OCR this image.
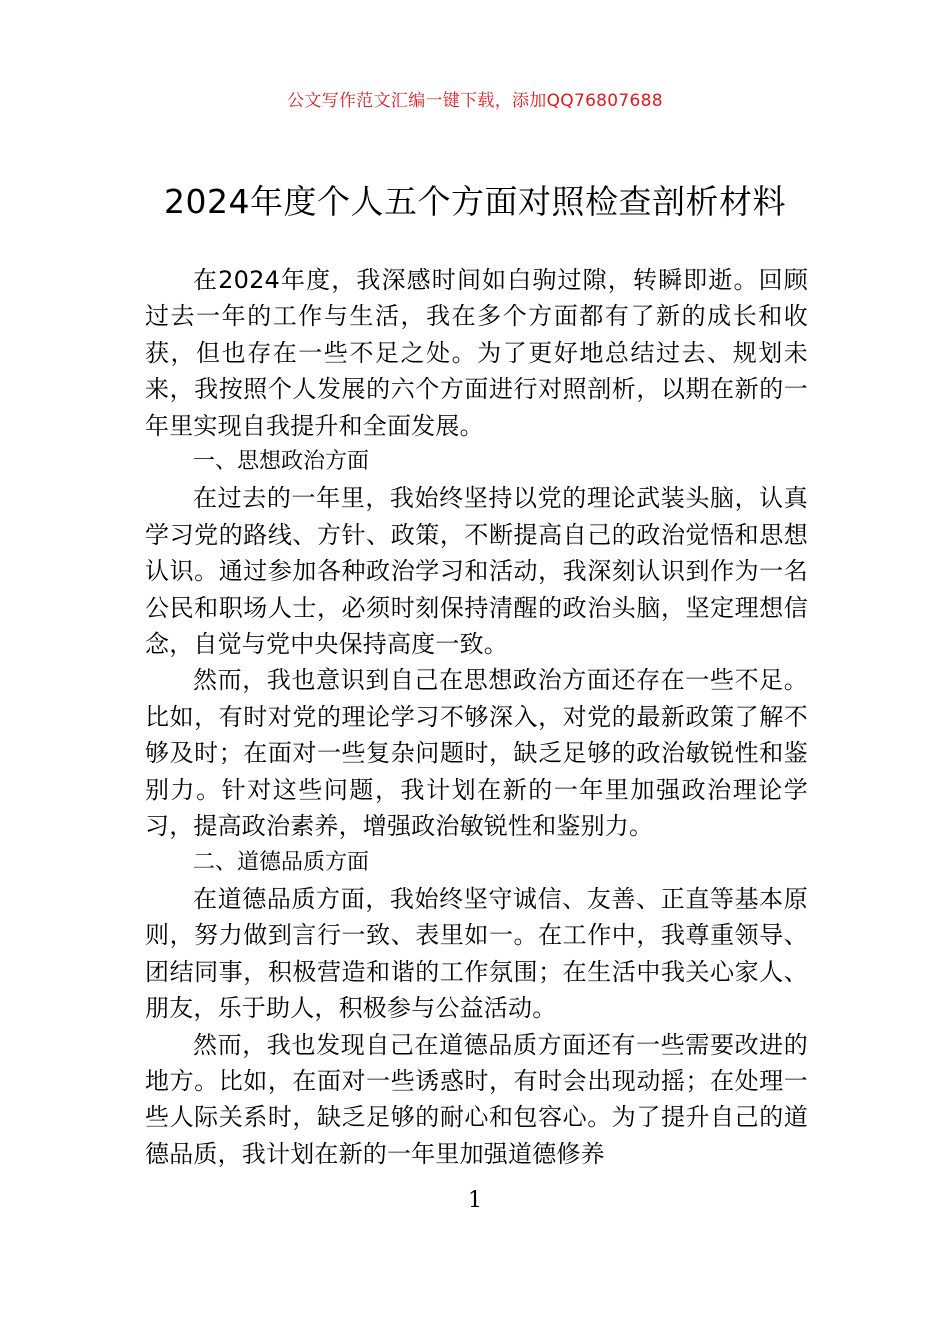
公文写作范文汇编一键下载，添加QQ76807688
2024年度个人五个方面对照检查剖析材料

在2024年度，我深感时间如白驹过隙，转瞬即逝。回顾过去一年的工作与生活，我在多个方面都有了新的成长和收获，但也存在一些不足之处。为了更好地总结过去、规划未来，我按照个人发展的六个方面进行对照剖析，以期在新的一年里实现自我提升和全面发展。

一、思想政治方面

在过去的一年里，我始终坚持以党的理论武装头脑，认真学习党的路线、方针、政策，不断提高自己的政治觉悟和思想认识。通过参加各种政治学习和活动，我深刻认识到作为一名公民和职场人士，必须时刻保持清醒的政治头脑，坚定理想信念，自觉与党中央保持高度一致。

然而，我也意识到自己在思想政治方面还存在一些不足。比如，有时对党的理论学习不够深入，对党的最新政策了解不够及时；在面对一些复杂问题时，缺乏足够的政治敏锐性和鉴别力。针对这些问题，我计划在新的一年里加强政治理论学习，提高政治素养，增强政治敏锐性和鉴别力。

二、道德品质方面

在道德品质方面，我始终坚守诚信、友善、正直等基本原则，努力做到言行一致、表里如一。在工作中，我尊重领导、团结同事，积极营造和谐的工作氛围；在生活中我关心家人、朋友，乐于助人，积极参与公益活动。

然而，我也发现自己在道德品质方面还有一些需要改进的地方。比如，在面对一些诱惑时，有时会出现动摇；在处理一些人际关系时，缺乏足够的耐心和包容心。为了提升自己的道德品质，我计划在新的一年里加强道德修养

1
